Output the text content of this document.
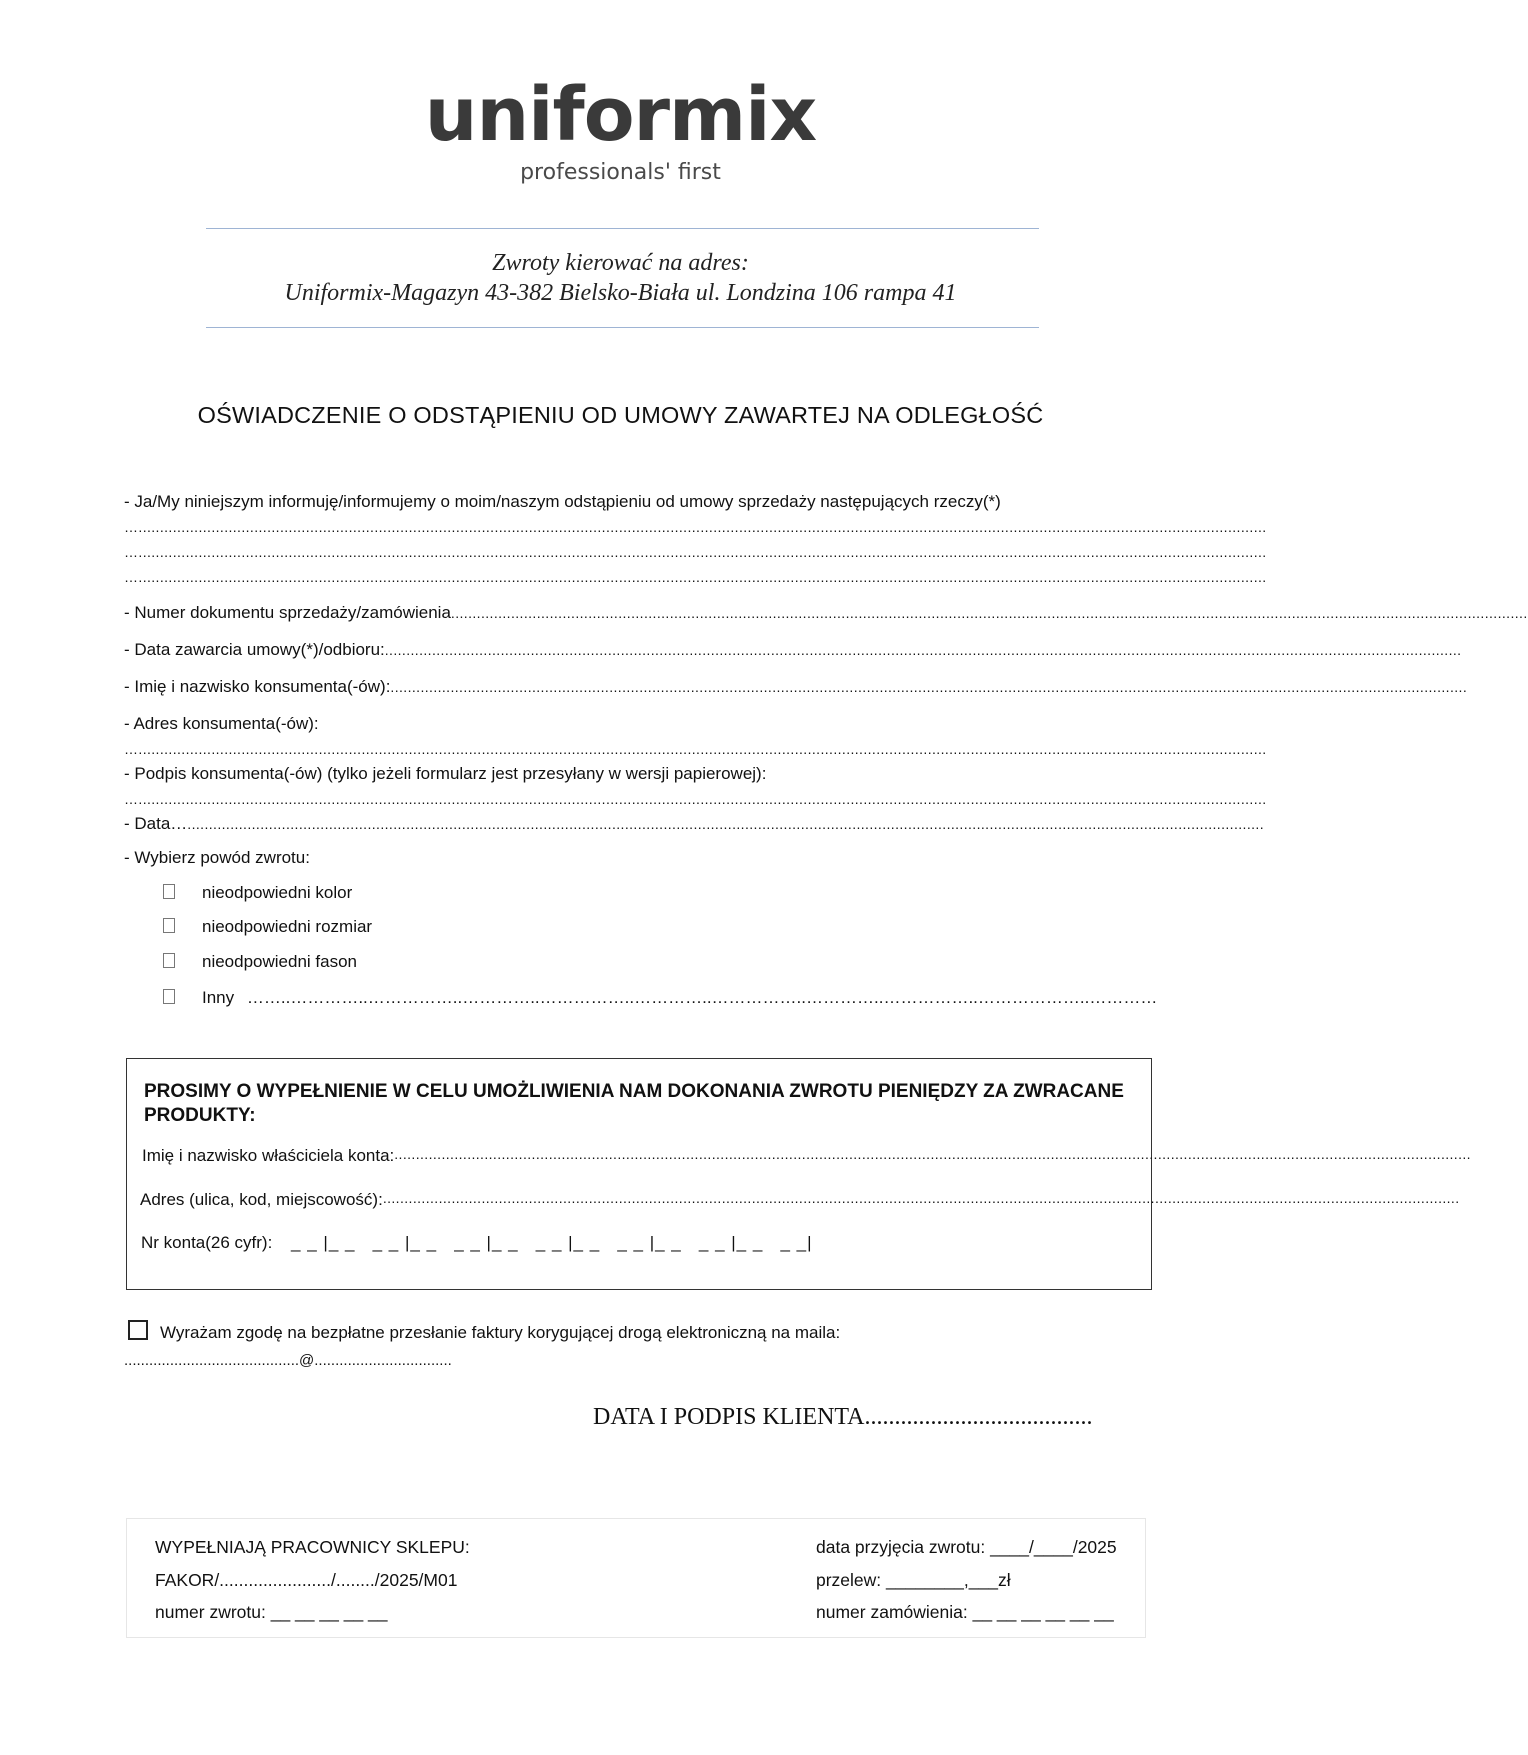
uniformix
professionals' first
Zwroty kierować na adres:
Uniformix-Magazyn 43-382 Bielsko-Biała ul. Londzina 106 rampa 41
OŚWIADCZENIE O ODSTĄPIENIU OD UMOWY ZAWARTEJ NA ODLEGŁOŚĆ
- Ja/My niniejszym informuję/informujemy o moim/naszym odstąpieniu od umowy sprzedaży następujących rzeczy(*)
….......................................................................................................................................................................................................................................................................
….......................................................................................................................................................................................................................................................................
….......................................................................................................................................................................................................................................................................
- Numer dokumentu sprzedaży/zamówienia ...........................................................................................................................................................................................................................................................
- Data zawarcia umowy(*)/odbioru: ...........................................................................................................................................................................................................................................................
- Imię i nazwisko konsumenta(-ów): ...........................................................................................................................................................................................................................................................
- Adres konsumenta(-ów):
….......................................................................................................................................................................................................................................................................
- Podpis konsumenta(-ów) (tylko jeżeli formularz jest przesyłany w wersji papierowej):
….......................................................................................................................................................................................................................................................................
- Data… ...........................................................................................................................................................................................................................................................
- Wybierz powód zwrotu:
nieodpowiedni kolor
nieodpowiedni rozmiar
nieodpowiedni fason
Inny ……..…………..……………..…………..……………..…………..……………..…………..……………..………………..…………
PROSIMY O WYPEŁNIENIE W CELU UMOŻLIWIENIA NAM DOKONANIA ZWROTU PIENIĘDZY ZA ZWRACANE PRODUKTY:
Imię i nazwisko właściciela konta: ...........................................................................................................................................................................................................................................................
Adres (ulica, kod, miejscowość): ...........................................................................................................................................................................................................................................................
Nr konta(26 cyfr): _ _ |_ _   _ _ |_ _   _ _ |_ _   _ _ |_ _   _ _ |_ _   _ _ |_ _   _ _|
Wyrażam zgodę na bezpłatne przesłanie faktury korygującej drogą elektroniczną na maila:
..........................................@.................................
DATA I PODPIS KLIENTA......................................
WYPEŁNIAJĄ PRACOWNICY SKLEPU:
FAKOR/......................./......../2025/M01
numer zwrotu: __ __ __ __ __
data przyjęcia zwrotu: ____/____/2025
przelew: ________,___zł
numer zamówienia: __ __ __ __ __ __
